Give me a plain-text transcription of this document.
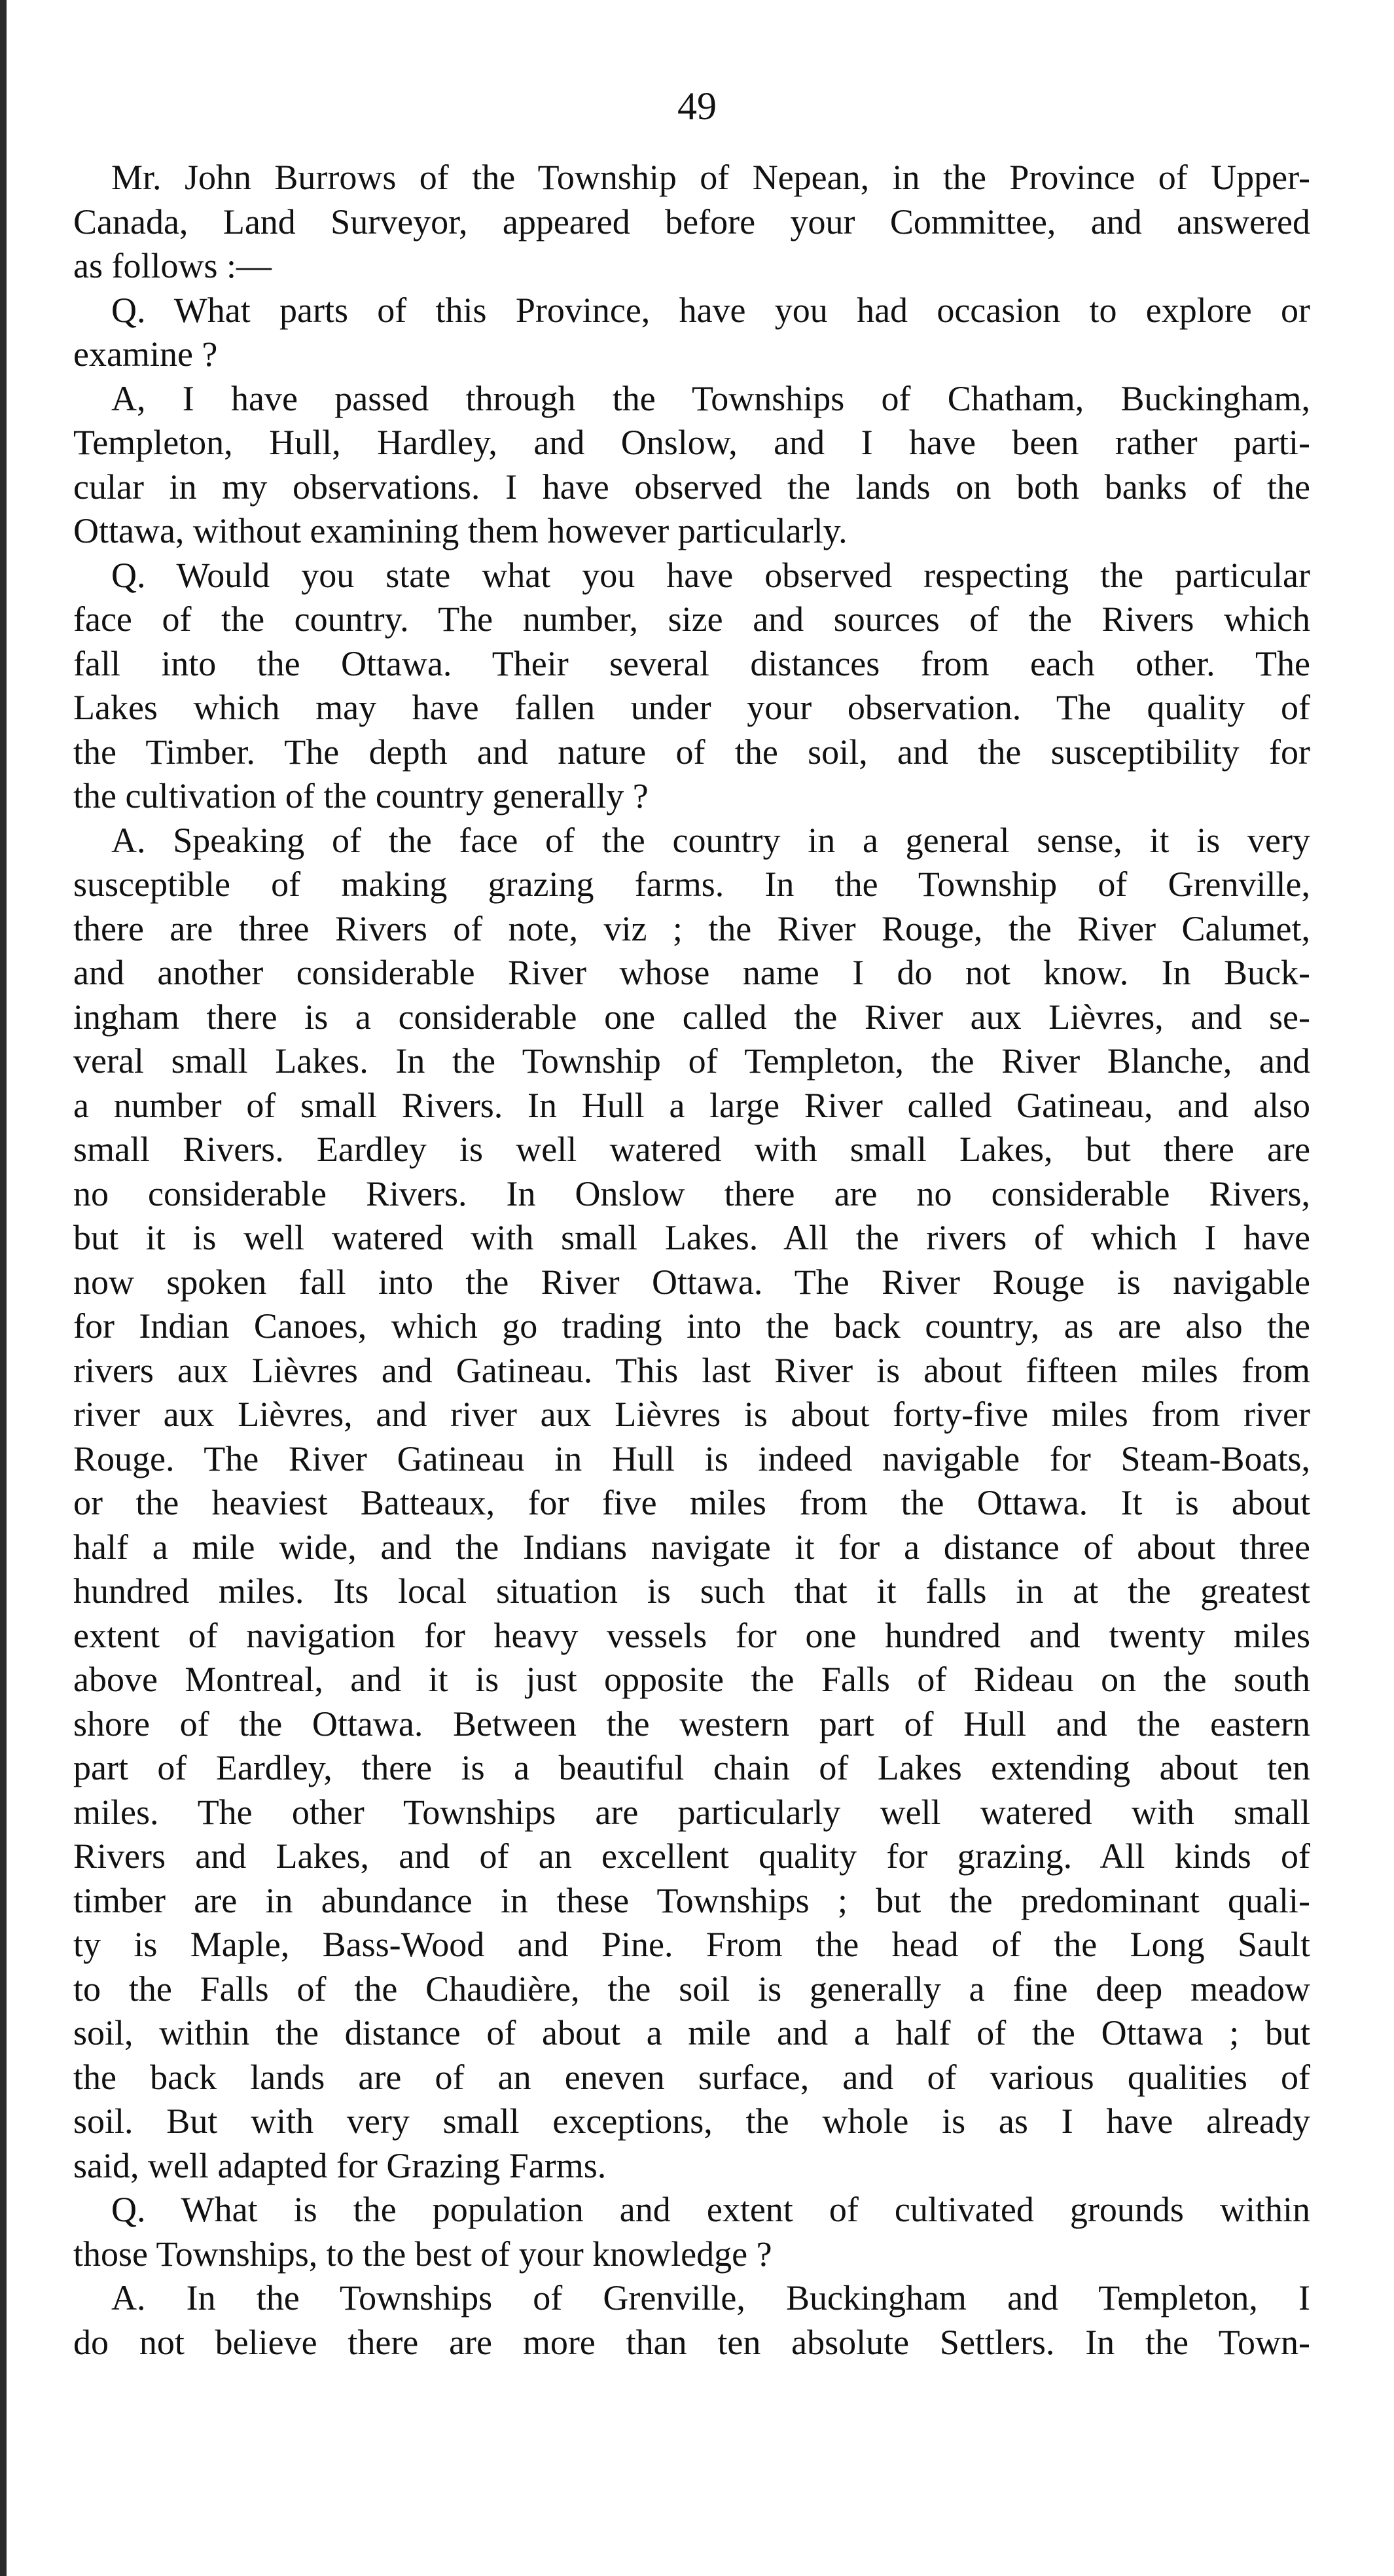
49
Mr. John Burrows of the Township of Nepean, in the Province of Upper-
Canada, Land Surveyor, appeared before your Committee, and answered
as follows :—
Q. What parts of this Province, have you had occasion to explore or
examine ?
A, I have passed through the Townships of Chatham, Buckingham,
Templeton, Hull, Hardley, and Onslow, and I have been rather parti-
cular in my observations. I have observed the lands on both banks of the
Ottawa, without examining them however particularly.
Q. Would you state what you have observed respecting the particular
face of the country. The number, size and sources of the Rivers which
fall into the Ottawa. Their several distances from each other. The
Lakes which may have fallen under your observation. The quality of
the Timber. The depth and nature of the soil, and the susceptibility for
the cultivation of the country generally ?
A. Speaking of the face of the country in a general sense, it is very
susceptible of making grazing farms. In the Township of Grenville,
there are three Rivers of note, viz ; the River Rouge, the River Calumet,
and another considerable River whose name I do not know. In Buck-
ingham there is a considerable one called the River aux Lièvres, and se-
veral small Lakes. In the Township of Templeton, the River Blanche, and
a number of small Rivers. In Hull a large River called Gatineau, and also
small Rivers. Eardley is well watered with small Lakes, but there are
no considerable Rivers. In Onslow there are no considerable Rivers,
but it is well watered with small Lakes. All the rivers of which I have
now spoken fall into the River Ottawa. The River Rouge is navigable
for Indian Canoes, which go trading into the back country, as are also the
rivers aux Lièvres and Gatineau. This last River is about fifteen miles from
river aux Lièvres, and river aux Lièvres is about forty-five miles from river
Rouge. The River Gatineau in Hull is indeed navigable for Steam-Boats,
or the heaviest Batteaux, for five miles from the Ottawa. It is about
half a mile wide, and the Indians navigate it for a distance of about three
hundred miles. Its local situation is such that it falls in at the greatest
extent of navigation for heavy vessels for one hundred and twenty miles
above Montreal, and it is just opposite the Falls of Rideau on the south
shore of the Ottawa. Between the western part of Hull and the eastern
part of Eardley, there is a beautiful chain of Lakes extending about ten
miles. The other Townships are particularly well watered with small
Rivers and Lakes, and of an excellent quality for grazing. All kinds of
timber are in abundance in these Townships ; but the predominant quali-
ty is Maple, Bass-Wood and Pine. From the head of the Long Sault
to the Falls of the Chaudière, the soil is generally a fine deep meadow
soil, within the distance of about a mile and a half of the Ottawa ; but
the back lands are of an eneven surface, and of various qualities of
soil. But with very small exceptions, the whole is as I have already
said, well adapted for Grazing Farms.
Q. What is the population and extent of cultivated grounds within
those Townships, to the best of your knowledge ?
A. In the Townships of Grenville, Buckingham and Templeton, I
do not believe there are more than ten absolute Settlers. In the Town-
